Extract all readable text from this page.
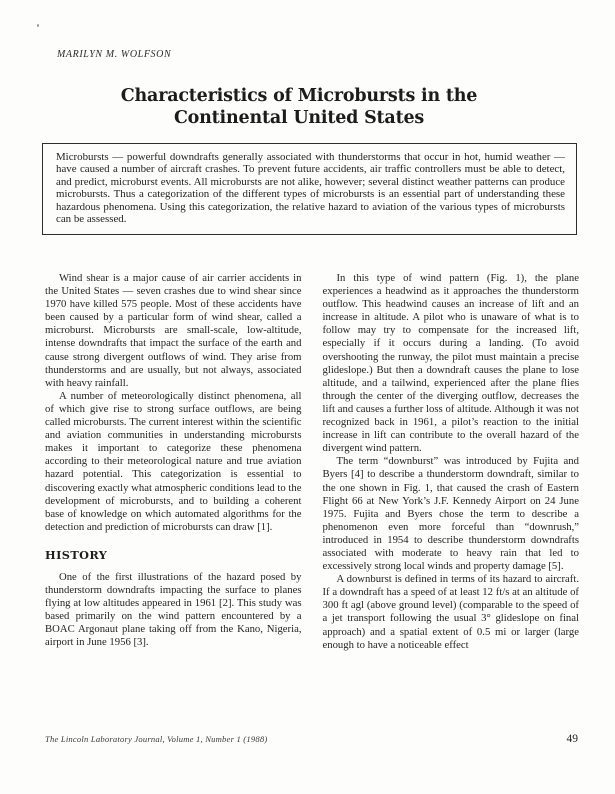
MARILYN M. WOLFSON
Characteristics of Microbursts in the
Continental United States
Microbursts — powerful downdrafts generally associated with thunderstorms that occur in hot, humid weather — have caused a number of aircraft crashes. To prevent future accidents, air traffic controllers must be able to detect, and predict, microburst events. All microbursts are not alike, however; several distinct weather patterns can produce microbursts. Thus a categorization of the different types of microbursts is an essential part of understanding these hazardous phenomena. Using this categorization, the relative hazard to aviation of the various types of microbursts can be assessed.

Wind shear is a major cause of air carrier accidents in the United States — seven crashes due to wind shear since 1970 have killed 575 people. Most of these accidents have been caused by a particular form of wind shear, called a microburst. Microbursts are small-scale, low-altitude, intense downdrafts that impact the surface of the earth and cause strong divergent outflows of wind. They arise from thunderstorms and are usually, but not always, associated with heavy rainfall.

A number of meteorologically distinct phenomena, all of which give rise to strong surface outflows, are being called microbursts. The current interest within the scientific and aviation communities in understanding microbursts makes it important to categorize these phenomena according to their meteorological nature and true aviation hazard potential. This categorization is essential to discovering exactly what atmospheric conditions lead to the development of microbursts, and to building a coherent base of knowledge on which automated algorithms for the detection and prediction of microbursts can draw [1].

HISTORY

One of the first illustrations of the hazard posed by thunderstorm downdrafts impacting the surface to planes flying at low altitudes appeared in 1961 [2]. This study was based primarily on the wind pattern encountered by a BOAC Argonaut plane taking off from the Kano, Nigeria, airport in June 1956 [3].

In this type of wind pattern (Fig. 1), the plane experiences a headwind as it approaches the thunderstorm outflow. This headwind causes an increase of lift and an increase in altitude. A pilot who is unaware of what is to follow may try to compensate for the increased lift, especially if it occurs during a landing. (To avoid overshooting the runway, the pilot must maintain a precise glideslope.) But then a downdraft causes the plane to lose altitude, and a tailwind, experienced after the plane flies through the center of the diverging outflow, decreases the lift and causes a further loss of altitude. Although it was not recognized back in 1961, a pilot’s reaction to the initial increase in lift can contribute to the overall hazard of the divergent wind pattern.

The term “downburst” was introduced by Fujita and Byers [4] to describe a thunderstorm downdraft, similar to the one shown in Fig. 1, that caused the crash of Eastern Flight 66 at New York’s J.F. Kennedy Airport on 24 June 1975. Fujita and Byers chose the term to describe a phenomenon even more forceful than “downrush,” introduced in 1954 to describe thunderstorm downdrafts associated with moderate to heavy rain that led to excessively strong local winds and property damage [5].

A downburst is defined in terms of its hazard to aircraft. If a downdraft has a speed of at least 12 ft/s at an altitude of 300 ft agl (above ground level) (comparable to the speed of a jet transport following the usual 3° glideslope on final approach) and a spatial extent of 0.5 mi or larger (large enough to have a noticeable effect

The Lincoln Laboratory Journal, Volume 1, Number 1 (1988)	49
